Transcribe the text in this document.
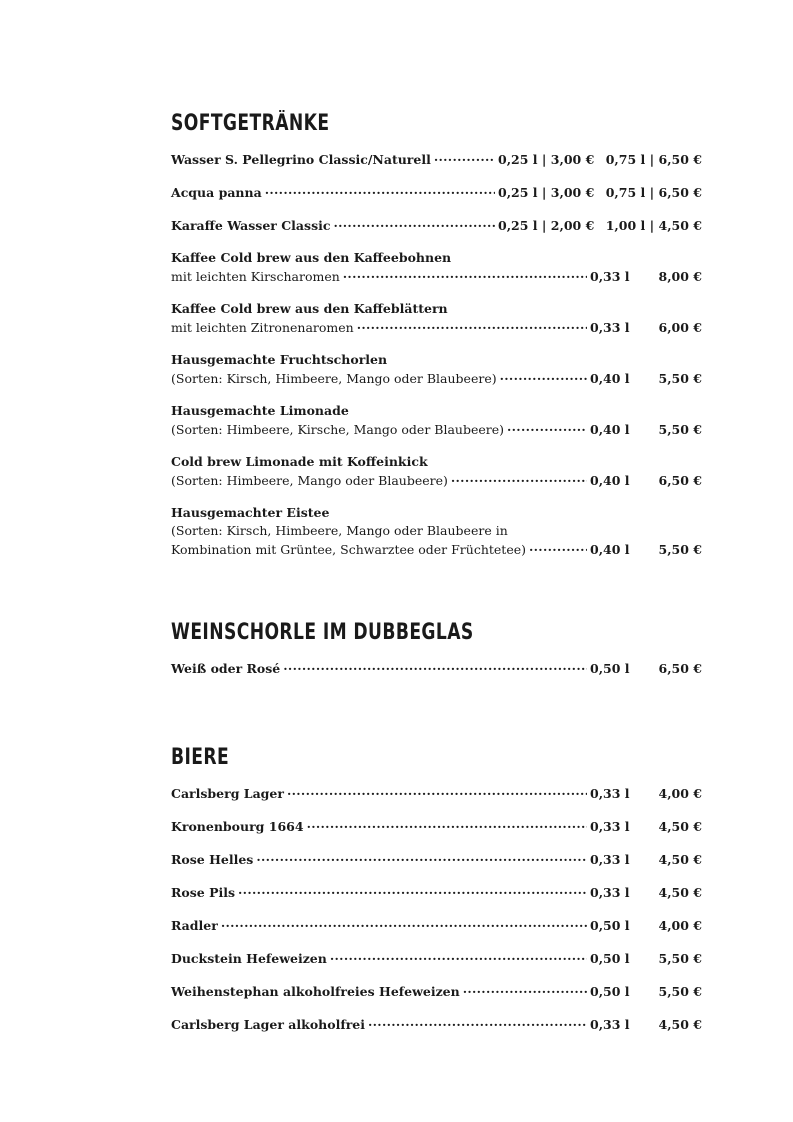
SOFTGETRÄNKE
Wasser S. Pellegrino Classic/Naturell .....	0,25 l | 3,00 € 0,75 l | 6,50 €
Acqua panna .....	0,25 l | 3,00 € 0,75 l | 6,50 €
Karaffe Wasser Classic .....	0,25 l | 2,00 € 1,00 l | 4,50 €
Kaffee Cold brew aus den Kaffeebohnen
mit leichten Kirscharomen .....	0,33 l	8,00 €
Kaffee Cold brew aus den Kaffeblättern
mit leichten Zitronenaromen .....	0,33 l	6,00 €
Hausgemachte Fruchtschorlen
(Sorten: Kirsch, Himbeere, Mango oder Blaubeere) .....	0,40 l	5,50 €
Hausgemachte Limonade
(Sorten: Himbeere, Kirsche, Mango oder Blaubeere) .....	0,40 l	5,50 €
Cold brew Limonade mit Koffeinkick
(Sorten: Himbeere, Mango oder Blaubeere) .....	0,40 l	6,50 €
Hausgemachter Eistee
(Sorten: Kirsch, Himbeere, Mango oder Blaubeere in
Kombination mit Grüntee, Schwarztee oder Früchtetee) .....	0,40 l	5,50 €
WEINSCHORLE IM DUBBEGLAS
Weiß oder Rosé .....	0,50 l	6,50 €
BIERE
Carlsberg Lager .....	0,33 l	4,00 €
Kronenbourg 1664 .....	0,33 l	4,50 €
Rose Helles .....	0,33 l	4,50 €
Rose Pils .....	0,33 l	4,50 €
Radler .....	0,50 l	4,00 €
Duckstein Hefeweizen .....	0,50 l	5,50 €
Weihenstephan alkoholfreies Hefeweizen .....	0,50 l	5,50 €
Carlsberg Lager alkoholfrei .....	0,33 l	4,50 €
